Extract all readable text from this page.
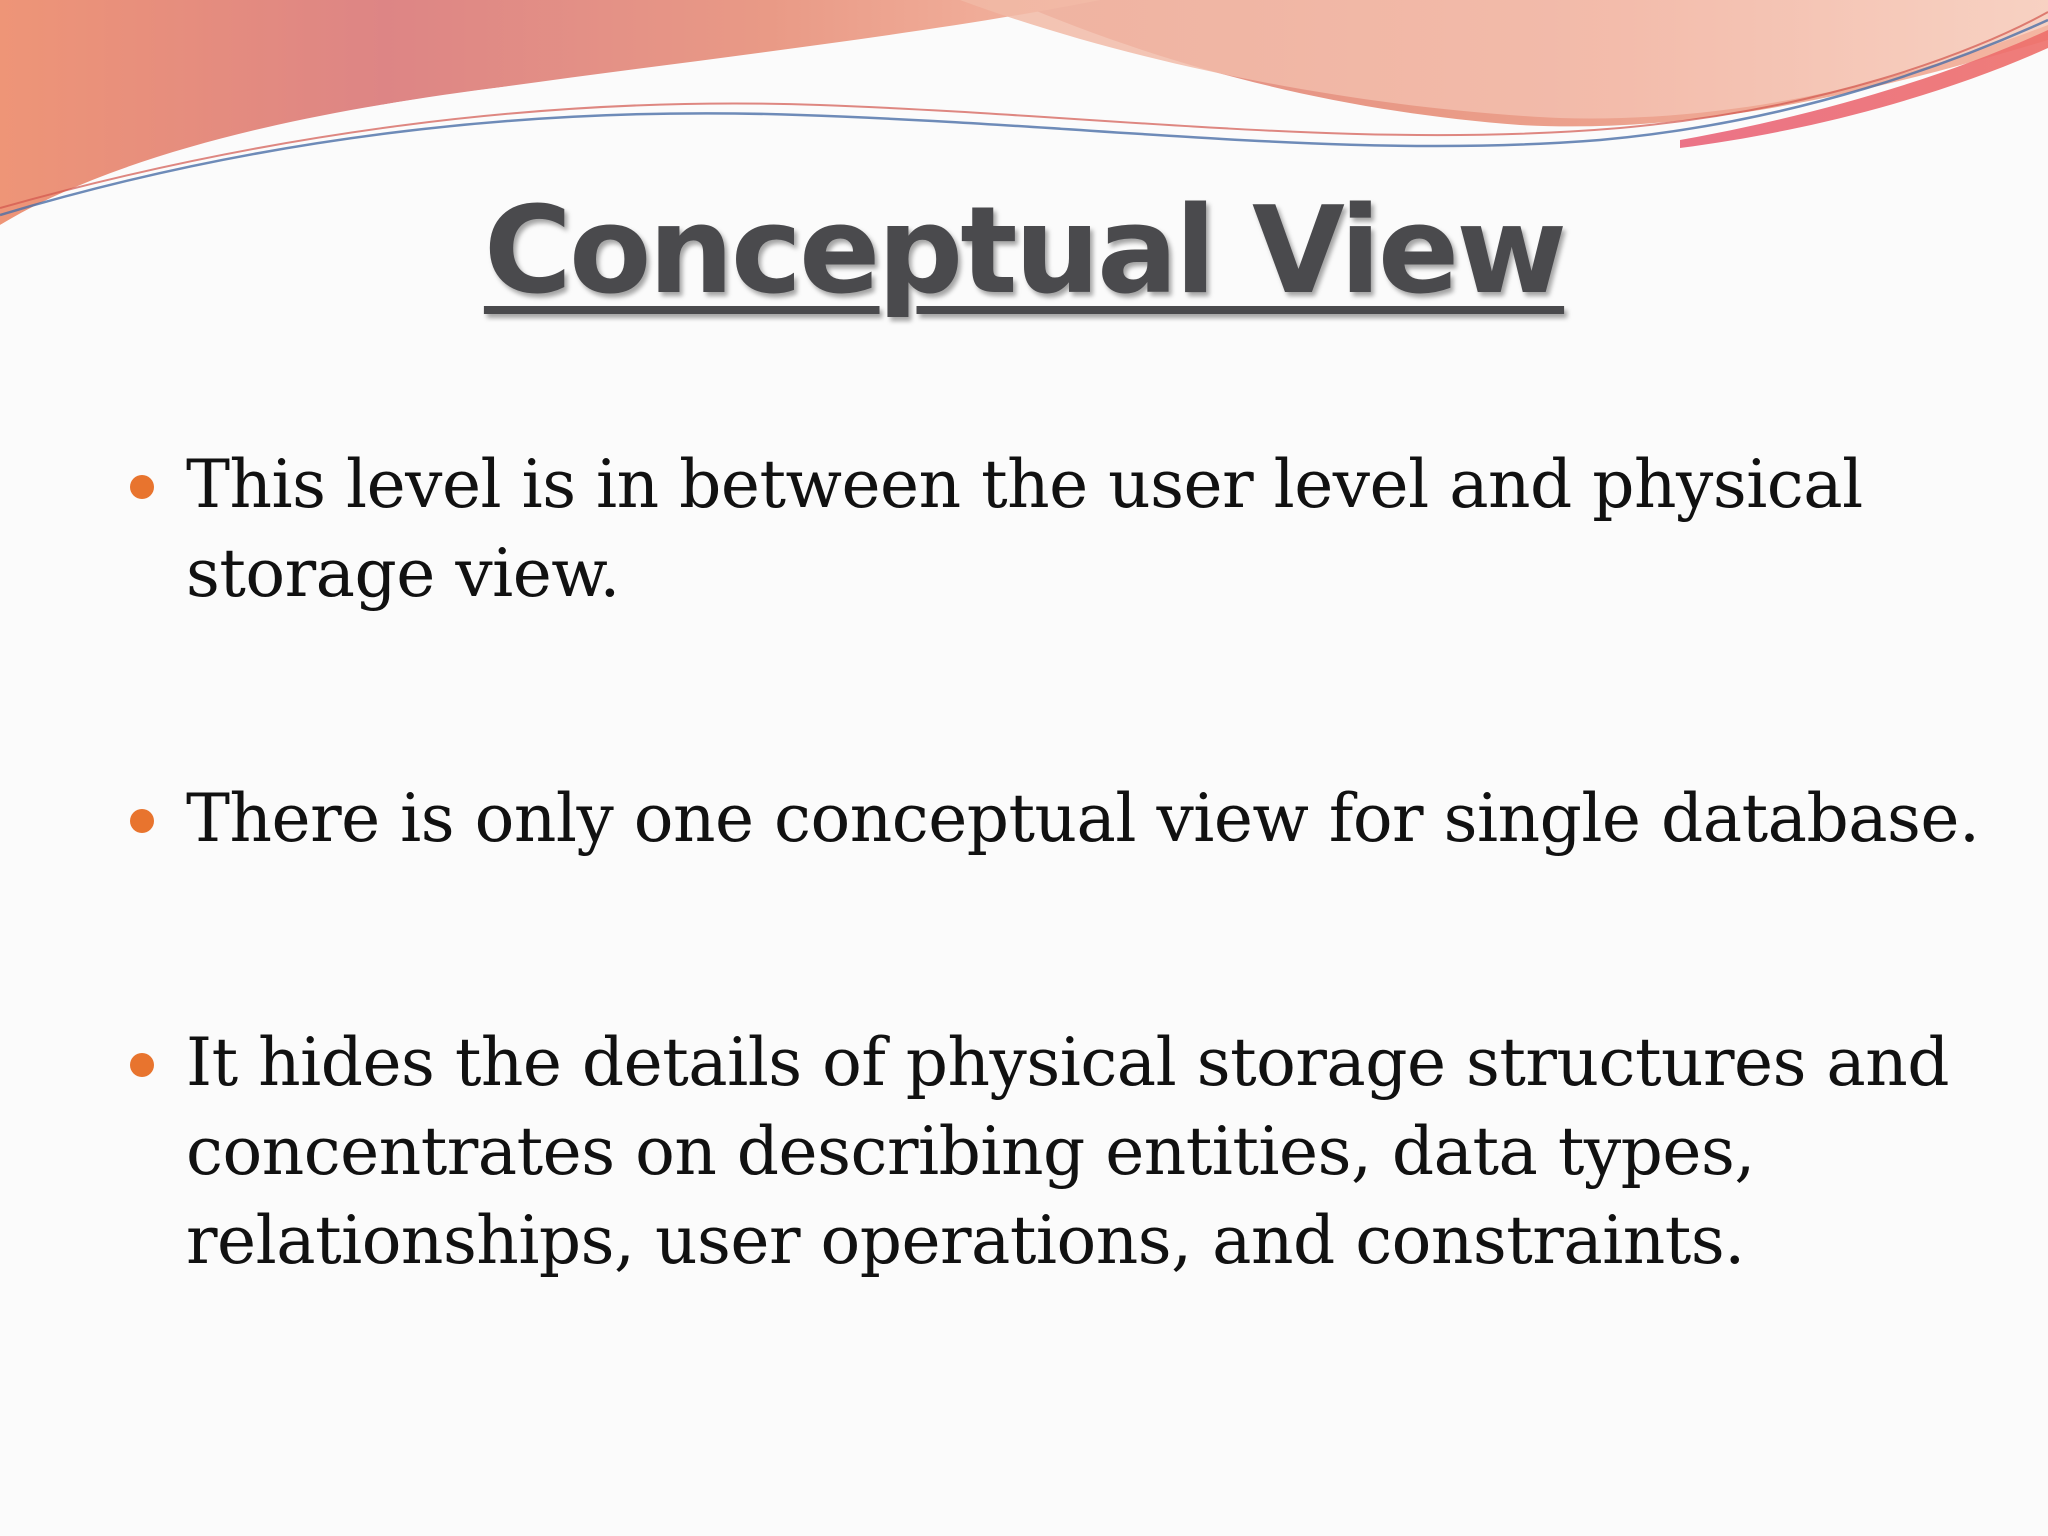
Conceptual View
This level is in between the user level and physical storage view.
There is only one conceptual view for single database.
It hides the details of physical storage structures and concentrates on describing entities, data types, relationships, user operations, and constraints.
